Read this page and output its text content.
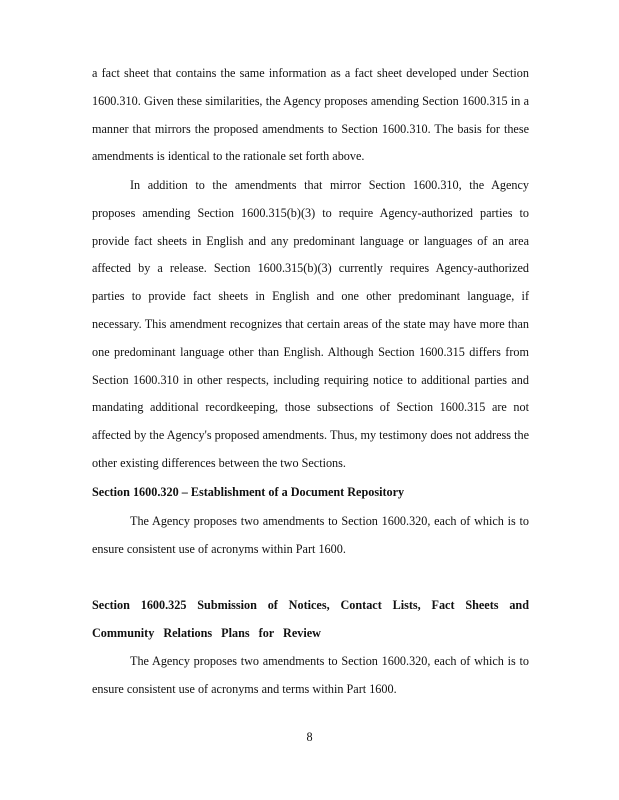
a fact sheet that contains the same information as a fact sheet developed under Section 1600.310. Given these similarities, the Agency proposes amending Section 1600.315 in a manner that mirrors the proposed amendments to Section 1600.310. The basis for these amendments is identical to the rationale set forth above.

In addition to the amendments that mirror Section 1600.310, the Agency proposes amending Section 1600.315(b)(3) to require Agency-authorized parties to provide fact sheets in English and any predominant language or languages of an area affected by a release. Section 1600.315(b)(3) currently requires Agency-authorized parties to provide fact sheets in English and one other predominant language, if necessary. This amendment recognizes that certain areas of the state may have more than one predominant language other than English. Although Section 1600.315 differs from Section 1600.310 in other respects, including requiring notice to additional parties and mandating additional recordkeeping, those subsections of Section 1600.315 are not affected by the Agency's proposed amendments. Thus, my testimony does not address the other existing differences between the two Sections.

Section 1600.320 – Establishment of a Document Repository

The Agency proposes two amendments to Section 1600.320, each of which is to ensure consistent use of acronyms within Part 1600.

Section 1600.325 Submission of Notices, Contact Lists, Fact Sheets and Community Relations Plans for Review

The Agency proposes two amendments to Section 1600.320, each of which is to ensure consistent use of acronyms and terms within Part 1600.

8
